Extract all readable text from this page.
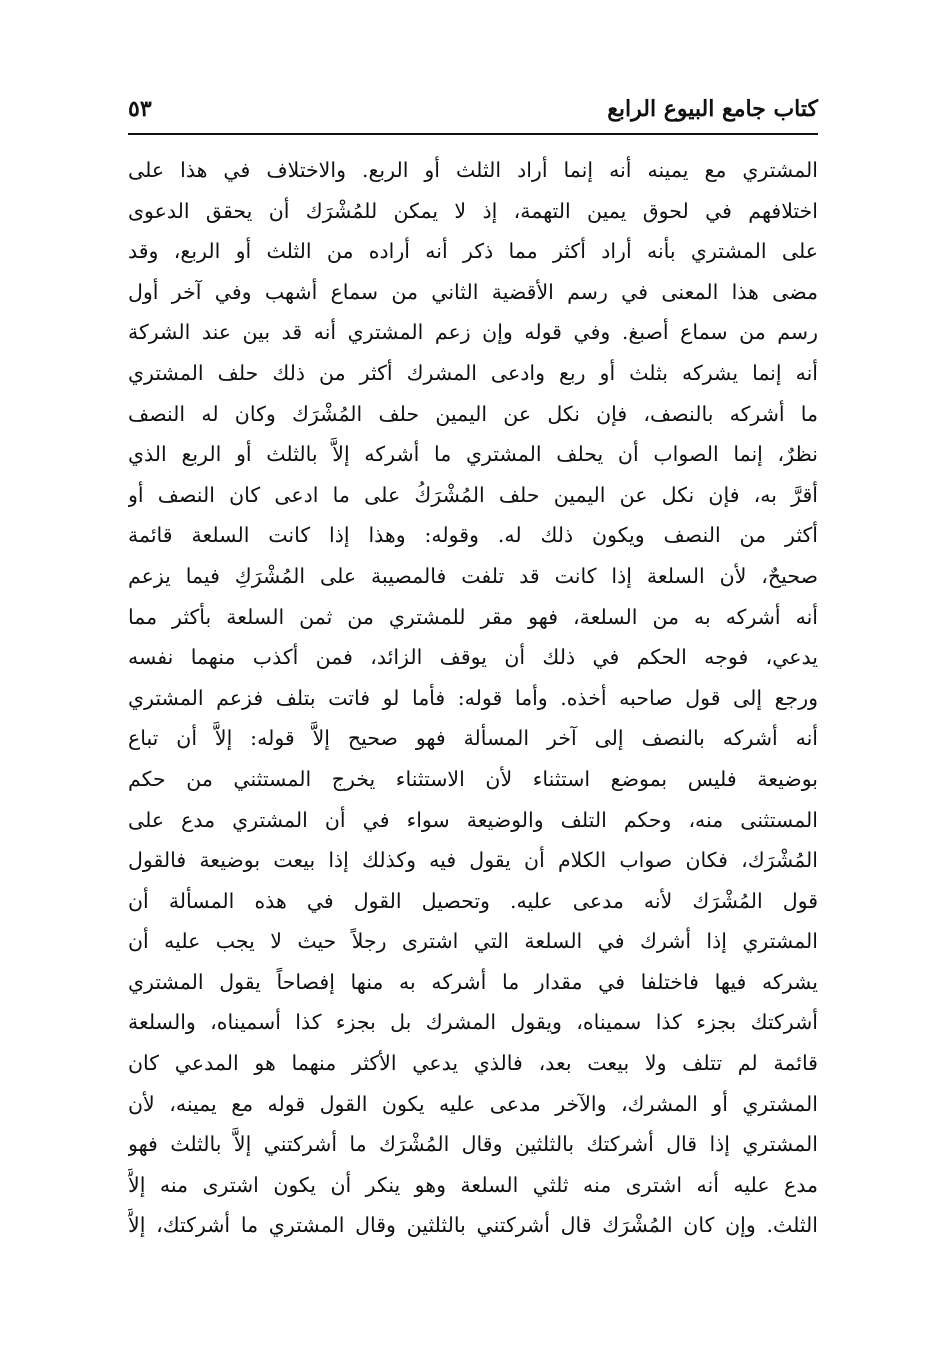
كتاب جامع البيوع الرابع
٥٣
المشتري مع يمينه أنه إنما أراد الثلث أو الربع. والاختلاف في هذا على
اختلافهم في لحوق يمين التهمة، إذ لا يمكن للمُشْرَك أن يحقق الدعوى
على المشتري بأنه أراد أكثر مما ذكر أنه أراده من الثلث أو الربع، وقد
مضى هذا المعنى في رسم الأقضية الثاني من سماع أشهب وفي آخر أول
رسم من سماع أصبغ. وفي قوله وإن زعم المشتري أنه قد بين عند الشركة
أنه إنما يشركه بثلث أو ربع وادعى المشرك أكثر من ذلك حلف المشتري
ما أشركه بالنصف، فإن نكل عن اليمين حلف المُشْرَك وكان له النصف
نظرٌ، إنما الصواب أن يحلف المشتري ما أشركه إلاَّ بالثلث أو الربع الذي
أقرَّ به، فإن نكل عن اليمين حلف المُشْرَكُ على ما ادعى كان النصف أو
أكثر من النصف ويكون ذلك له. وقوله: وهذا إذا كانت السلعة قائمة
صحيحٌ، لأن السلعة إذا كانت قد تلفت فالمصيبة على المُشْرَكِ فيما يزعم
أنه أشركه به من السلعة، فهو مقر للمشتري من ثمن السلعة بأكثر مما
يدعي، فوجه الحكم في ذلك أن يوقف الزائد، فمن أكذب منهما نفسه
ورجع إلى قول صاحبه أخذه. وأما قوله: فأما لو فاتت بتلف فزعم المشتري
أنه أشركه بالنصف إلى آخر المسألة فهو صحيح إلاَّ قوله: إلاَّ أن تباع
بوضيعة فليس بموضع استثناء لأن الاستثناء يخرج المستثني من حكم
المستثنى منه، وحكم التلف والوضيعة سواء في أن المشتري مدع على
المُشْرَك، فكان صواب الكلام أن يقول فيه وكذلك إذا بيعت بوضيعة فالقول
قول المُشْرَك لأنه مدعى عليه. وتحصيل القول في هذه المسألة أن
المشتري إذا أشرك في السلعة التي اشترى رجلاً حيث لا يجب عليه أن
يشركه فيها فاختلفا في مقدار ما أشركه به منها إفصاحاً يقول المشتري
أشركتك بجزء كذا سميناه، ويقول المشرك بل بجزء كذا أسميناه، والسلعة
قائمة لم تتلف ولا بيعت بعد، فالذي يدعي الأكثر منهما هو المدعي كان
المشتري أو المشرك، والآخر مدعى عليه يكون القول قوله مع يمينه، لأن
المشتري إذا قال أشركتك بالثلثين وقال المُشْرَك ما أشركتني إلاَّ بالثلث فهو
مدع عليه أنه اشترى منه ثلثي السلعة وهو ينكر أن يكون اشترى منه إلاَّ
الثلث. وإن كان المُشْرَك قال أشركتني بالثلثين وقال المشتري ما أشركتك، إلاَّ
